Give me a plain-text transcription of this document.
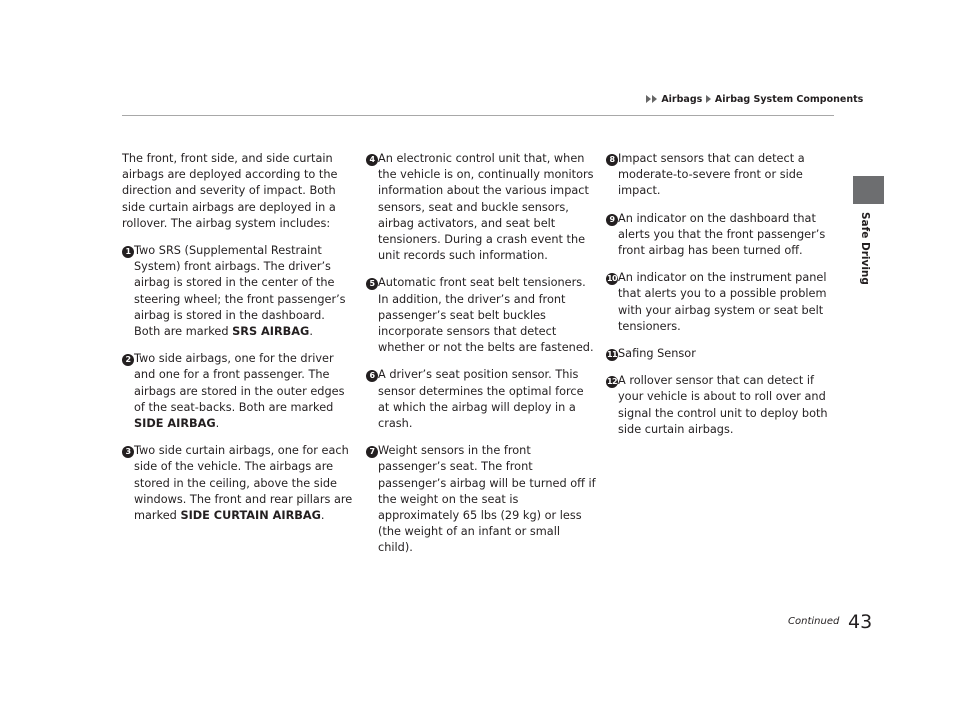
Airbags Airbag System Components
Safe Driving

The front, front side, and side curtain airbags are deployed according to the direction and severity of impact. Both side curtain airbags are deployed in a rollover. The airbag system includes:

1 Two SRS (Supplemental Restraint System) front airbags. The driver’s airbag is stored in the center of the steering wheel; the front passenger’s airbag is stored in the dashboard. Both are marked SRS AIRBAG.
2 Two side airbags, one for the driver and one for a front passenger. The airbags are stored in the outer edges of the seat-backs. Both are marked SIDE AIRBAG.
3 Two side curtain airbags, one for each side of the vehicle. The airbags are stored in the ceiling, above the side windows. The front and rear pillars are marked SIDE CURTAIN AIRBAG.
4 An electronic control unit that, when the vehicle is on, continually monitors information about the various impact sensors, seat and buckle sensors, airbag activators, and seat belt tensioners. During a crash event the unit records such information.
5 Automatic front seat belt tensioners. In addition, the driver’s and front passenger’s seat belt buckles incorporate sensors that detect whether or not the belts are fastened.
6 A driver’s seat position sensor. This sensor determines the optimal force at which the airbag will deploy in a crash.
7 Weight sensors in the front passenger’s seat. The front passenger’s airbag will be turned off if the weight on the seat is approximately 65 lbs (29 kg) or less (the weight of an infant or small child).
8 Impact sensors that can detect a moderate-to-severe front or side impact.
9 An indicator on the dashboard that alerts you that the front passenger’s front airbag has been turned off.
10 An indicator on the instrument panel that alerts you to a possible problem with your airbag system or seat belt tensioners.
11 Safing Sensor
12 A rollover sensor that can detect if your vehicle is about to roll over and signal the control unit to deploy both side curtain airbags.
Continued 43
